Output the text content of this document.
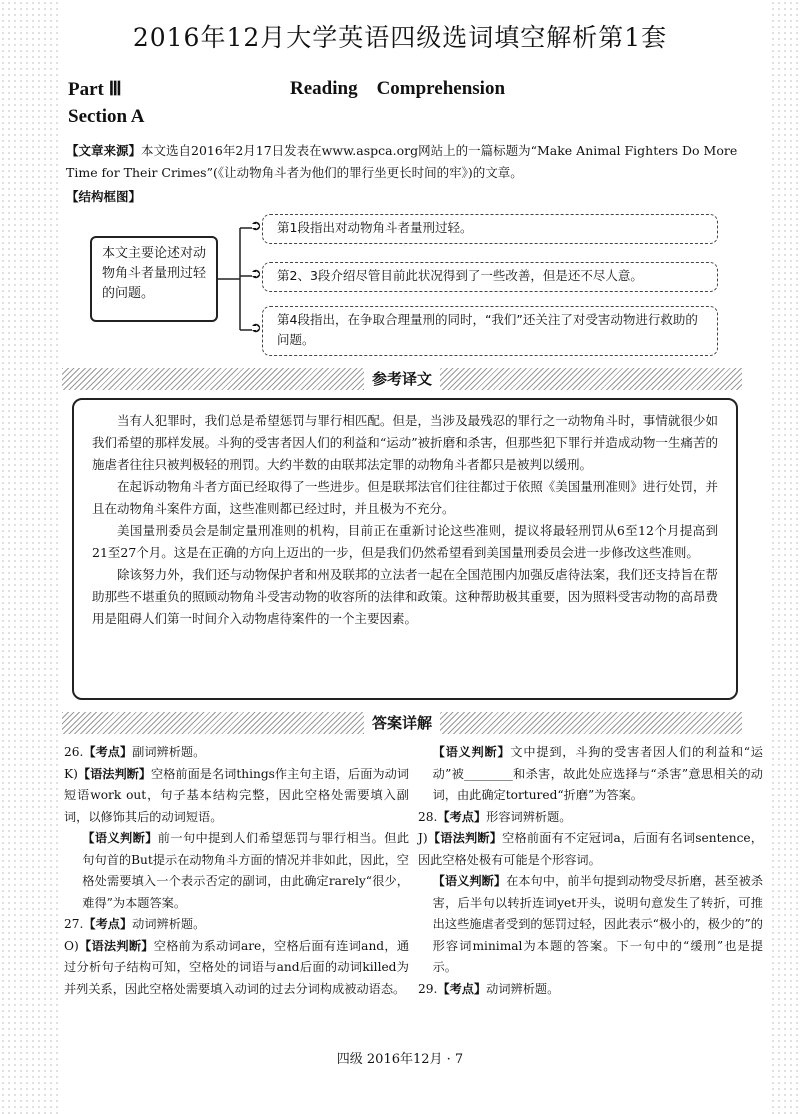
2016年12月大学英语四级选词填空解析第1套
Part Ⅲ	Reading    Comprehension
Section A
【文章来源】本文选自2016年2月17日发表在www.aspca.org网站上的一篇标题为“Make Animal Fighters Do More Time for Their Crimes”(《让动物角斗者为他们的罪行坐更长时间的牢》)的文章。
【结构框图】
➲
➲
➲
本文主要论述对动物角斗者量刑过轻的问题。
第1段指出对动物角斗者量刑过轻。
第2、3段介绍尽管目前此状况得到了一些改善，但是还不尽人意。
第4段指出，在争取合理量刑的同时，“我们”还关注了对受害动物进行救助的问题。
参考译文

当有人犯罪时，我们总是希望惩罚与罪行相匹配。但是，当涉及最残忍的罪行之一动物角斗时，事情就很少如我们希望的那样发展。斗狗的受害者因人们的利益和“运动”被折磨和杀害，但那些犯下罪行并造成动物一生痛苦的施虐者往往只被判极轻的刑罚。大约半数的由联邦法定罪的动物角斗者都只是被判以缓刑。

在起诉动物角斗者方面已经取得了一些进步。但是联邦法官们往往都过于依照《美国量刑准则》进行处罚，并且在动物角斗案件方面，这些准则都已经过时，并且极为不充分。

美国量刑委员会是制定量刑准则的机构，目前正在重新讨论这些准则，提议将最轻刑罚从6至12个月提高到21至27个月。这是在正确的方向上迈出的一步，但是我们仍然希望看到美国量刑委员会进一步修改这些准则。

除该努力外，我们还与动物保护者和州及联邦的立法者一起在全国范围内加强反虐待法案，我们还支持旨在帮助那些不堪重负的照顾动物角斗受害动物的收容所的法律和政策。这种帮助极其重要，因为照料受害动物的高昂费用是阻碍人们第一时间介入动物虐待案件的一个主要因素。

答案详解

26.【考点】副词辨析题。

K)【语法判断】空格前面是名词things作主句主语，后面为动词短语work out，句子基本结构完整，因此空格处需要填入副词，以修饰其后的动词短语。

【语义判断】前一句中提到人们希望惩罚与罪行相当。但此句句首的But提示在动物角斗方面的情况并非如此，因此，空格处需要填入一个表示否定的副词，由此确定rarely“很少，难得”为本题答案。

27.【考点】动词辨析题。

O)【语法判断】空格前为系动词are，空格后面有连词and，通过分析句子结构可知，空格处的词语与and后面的动词killed为并列关系，因此空格处需要填入动词的过去分词构成被动语态。

【语义判断】文中提到，斗狗的受害者因人们的利益和“运动”被________和杀害，故此处应选择与“杀害”意思相关的动词，由此确定tortured“折磨”为答案。

28.【考点】形容词辨析题。

J)【语法判断】空格前面有不定冠词a，后面有名词sentence，因此空格处极有可能是个形容词。

【语义判断】在本句中，前半句提到动物受尽折磨，甚至被杀害，后半句以转折连词yet开头，说明句意发生了转折，可推出这些施虐者受到的惩罚过轻，因此表示“极小的，极少的”的形容词minimal为本题的答案。下一句中的“缓刑”也是提示。

29.【考点】动词辨析题。

四级 2016年12月 · 7
